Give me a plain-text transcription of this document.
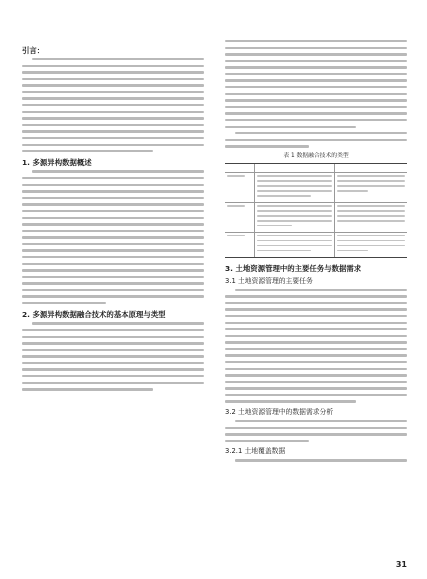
引言：
1. 多源异构数据概述
2. 多源异构数据融合技术的基本原理与类型
表 1 数据融合技术的类型
3. 土地资源管理中的主要任务与数据需求
3.1 土地资源管理的主要任务
3.2 土地资源管理中的数据需求分析
3.2.1 土地覆盖数据
31
